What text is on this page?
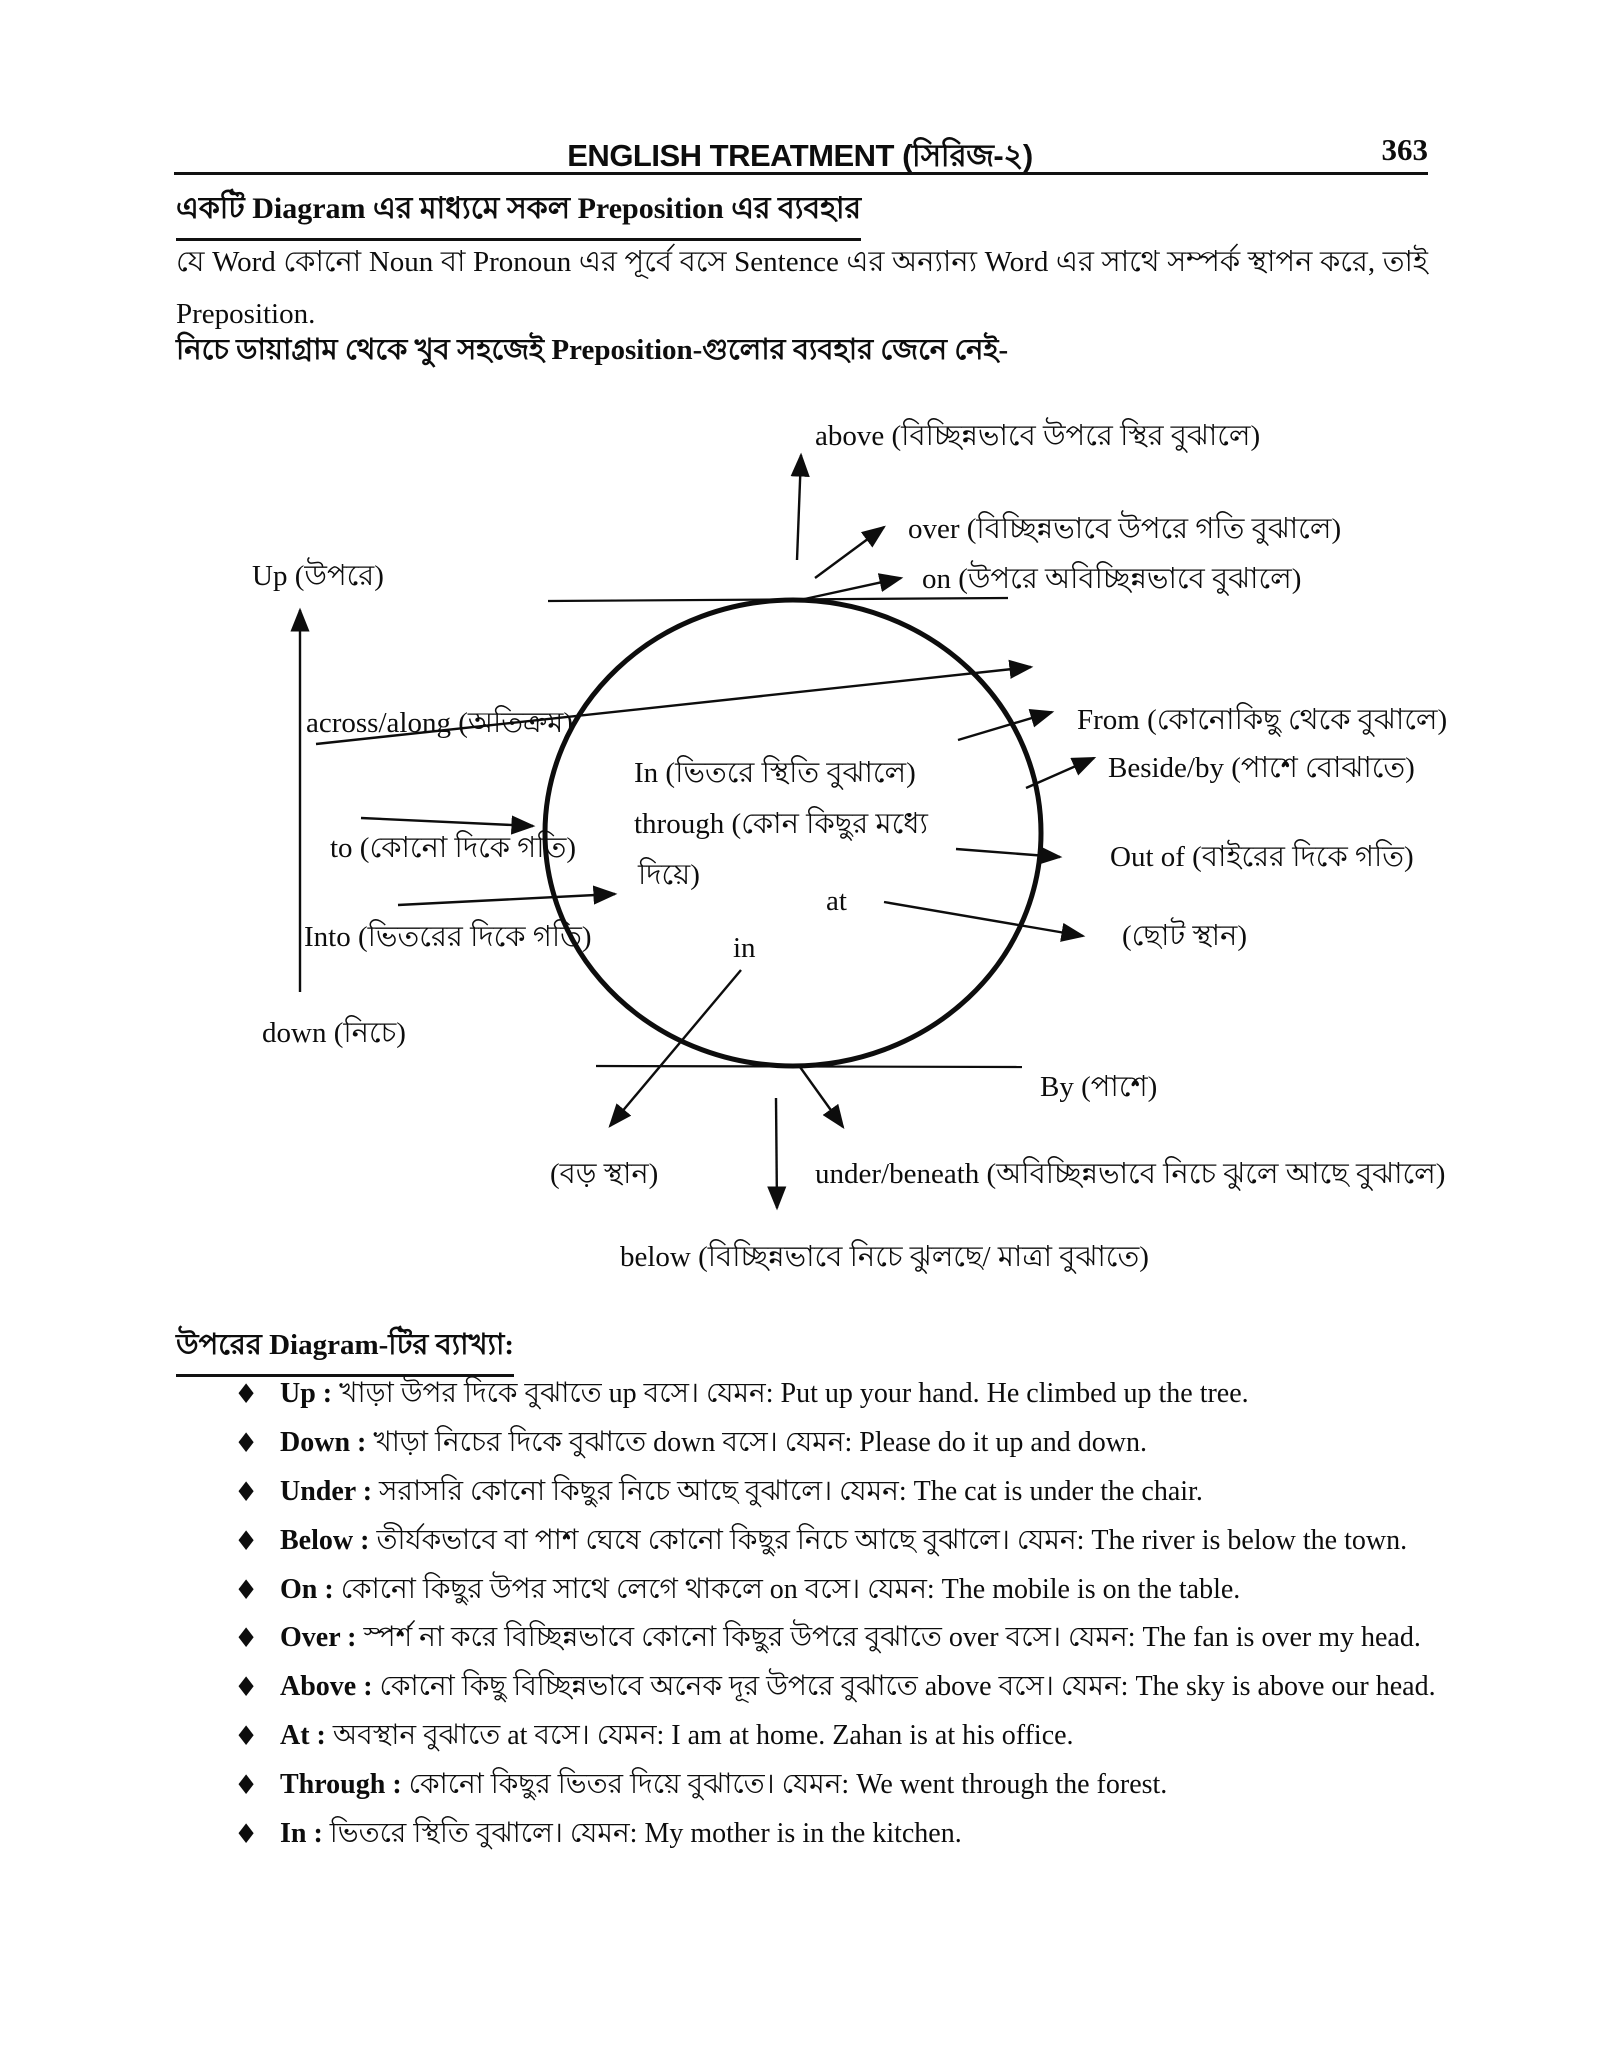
ENGLISH TREATMENT (সিরিজ-২)	363
একটি Diagram এর মাধ্যমে সকল Preposition এর ব্যবহার
যে Word কোনো Noun বা Pronoun এর পূর্বে বসে Sentence এর অন্যান্য Word এর সাথে সম্পর্ক স্থাপন করে, তাই
Preposition.
নিচে ডায়াগ্রাম থেকে খুব সহজেই Preposition-গুলোর ব্যবহার জেনে নেই-
above (বিচ্ছিন্নভাবে উপরে স্থির বুঝালে)
over (বিচ্ছিন্নভাবে উপরে গতি বুঝালে)
on (উপরে অবিচ্ছিন্নভাবে বুঝালে)
Up (উপরে)
across/along (অতিক্রম)	From (কোনোকিছু থেকে বুঝালে)
Beside/by (পাশে বোঝাতে)
In (ভিতরে স্থিতি বুঝালে)
through (কোন কিছুর মধ্যে
দিয়ে)
to (কোনো দিকে গতি)	Out of (বাইরের দিকে গতি)
at
Into (ভিতরের দিকে গতি)	in	(ছোট স্থান)
down (নিচে)
By (পাশে)
(বড় স্থান)	under/beneath (অবিচ্ছিন্নভাবে নিচে ঝুলে আছে বুঝালে)
below (বিচ্ছিন্নভাবে নিচে ঝুলছে/ মাত্রা বুঝাতে)
উপরের Diagram-টির ব্যাখ্যা:
♦ Up : খাড়া উপর দিকে বুঝাতে up বসে। যেমন: Put up your hand. He climbed up the tree.
♦ Down : খাড়া নিচের দিকে বুঝাতে down বসে। যেমন: Please do it up and down.
♦ Under : সরাসরি কোনো কিছুর নিচে আছে বুঝালে। যেমন: The cat is under the chair.
♦ Below : তীর্যকভাবে বা পাশ ঘেষে কোনো কিছুর নিচে আছে বুঝালে। যেমন: The river is below the town.
♦ On : কোনো কিছুর উপর সাথে লেগে থাকলে on বসে। যেমন: The mobile is on the table.
♦ Over : স্পর্শ না করে বিচ্ছিন্নভাবে কোনো কিছুর উপরে বুঝাতে over বসে। যেমন: The fan is over my head.
♦ Above : কোনো কিছু বিচ্ছিন্নভাবে অনেক দূর উপরে বুঝাতে above বসে। যেমন: The sky is above our head.
♦ At : অবস্থান বুঝাতে at বসে। যেমন: I am at home. Zahan is at his office.
♦ Through : কোনো কিছুর ভিতর দিয়ে বুঝাতে। যেমন: We went through the forest.
♦ In : ভিতরে স্থিতি বুঝালে। যেমন: My mother is in the kitchen.
